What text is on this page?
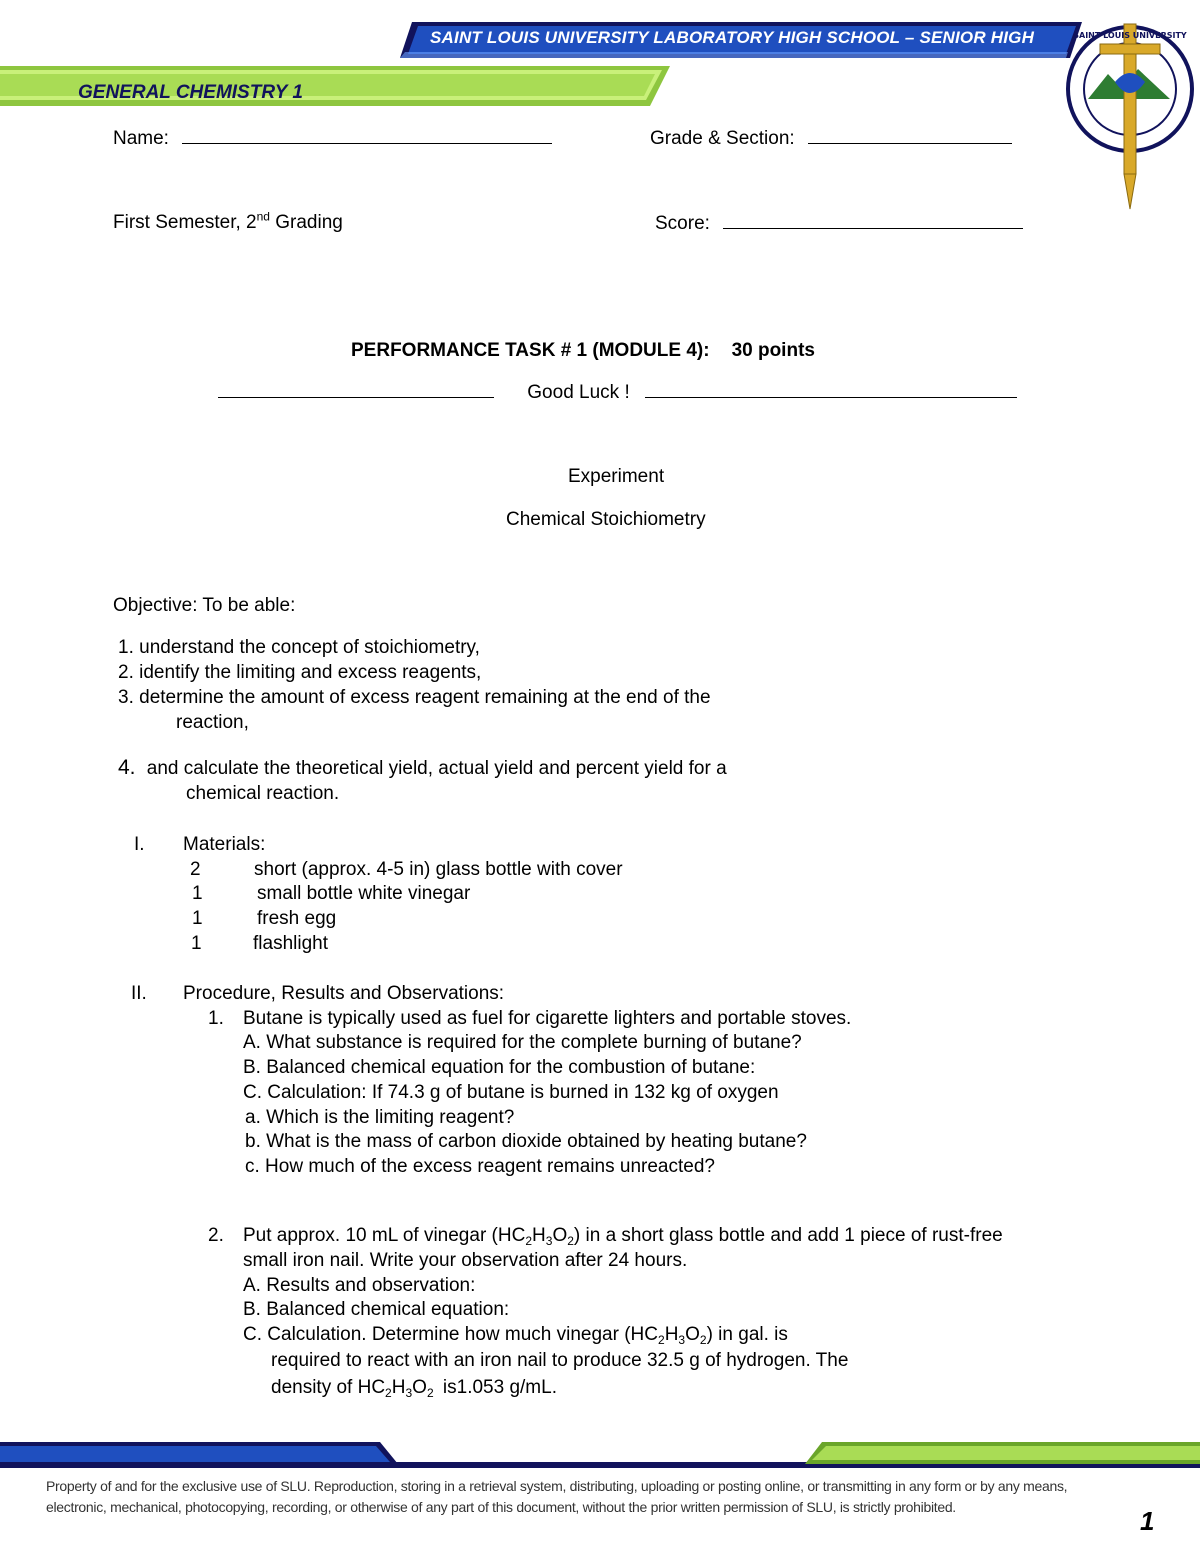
SAINT LOUIS UNIVERSITY LABORATORY HIGH SCHOOL – SENIOR HIGH
GENERAL CHEMISTRY 1
SAINT LOUIS UNIVERSITY
Name:	Grade & Section:
First Semester, 2nd Grading	Score:
PERFORMANCE TASK # 1 (MODULE 4): 30 points
Good Luck !
Experiment
Chemical Stoichiometry
Objective: To be able:
1. understand the concept of stoichiometry,
2. identify the limiting and excess reagents,
3. determine the amount of excess reagent remaining at the end of the
reaction,
4. and calculate the theoretical yield, actual yield and percent yield for a
chemical reaction.
I. Materials:
2	short (approx. 4-5 in) glass bottle with cover
1	small bottle white vinegar
1	fresh egg
1	flashlight
II. Procedure, Results and Observations:
1. Butane is typically used as fuel for cigarette lighters and portable stoves.
A. What substance is required for the complete burning of butane?
B. Balanced chemical equation for the combustion of butane:
C. Calculation: If 74.3 g of butane is burned in 132 kg of oxygen
a. Which is the limiting reagent?
b. What is the mass of carbon dioxide obtained by heating butane?
c. How much of the excess reagent remains unreacted?
2. Put approx. 10 mL of vinegar $(HC_2H_3O_2)$ in a short glass bottle and add 1 piece of rust-free
small iron nail. Write your observation after 24 hours.
A. Results and observation:
B. Balanced chemical equation:
C. Calculation. Determine how much vinegar $(HC_2H_3O_2)$ in gal. is
required to react with an iron nail to produce 32.5 g of hydrogen. The
density of $HC_2H_3O_2$ is1.053 g/mL.
Property of and for the exclusive use of SLU. Reproduction, storing in a retrieval system, distributing, uploading or posting online, or transmitting in any form or by any means,
electronic, mechanical, photocopying, recording, or otherwise of any part of this document, without the prior written permission of SLU, is strictly prohibited.	1
